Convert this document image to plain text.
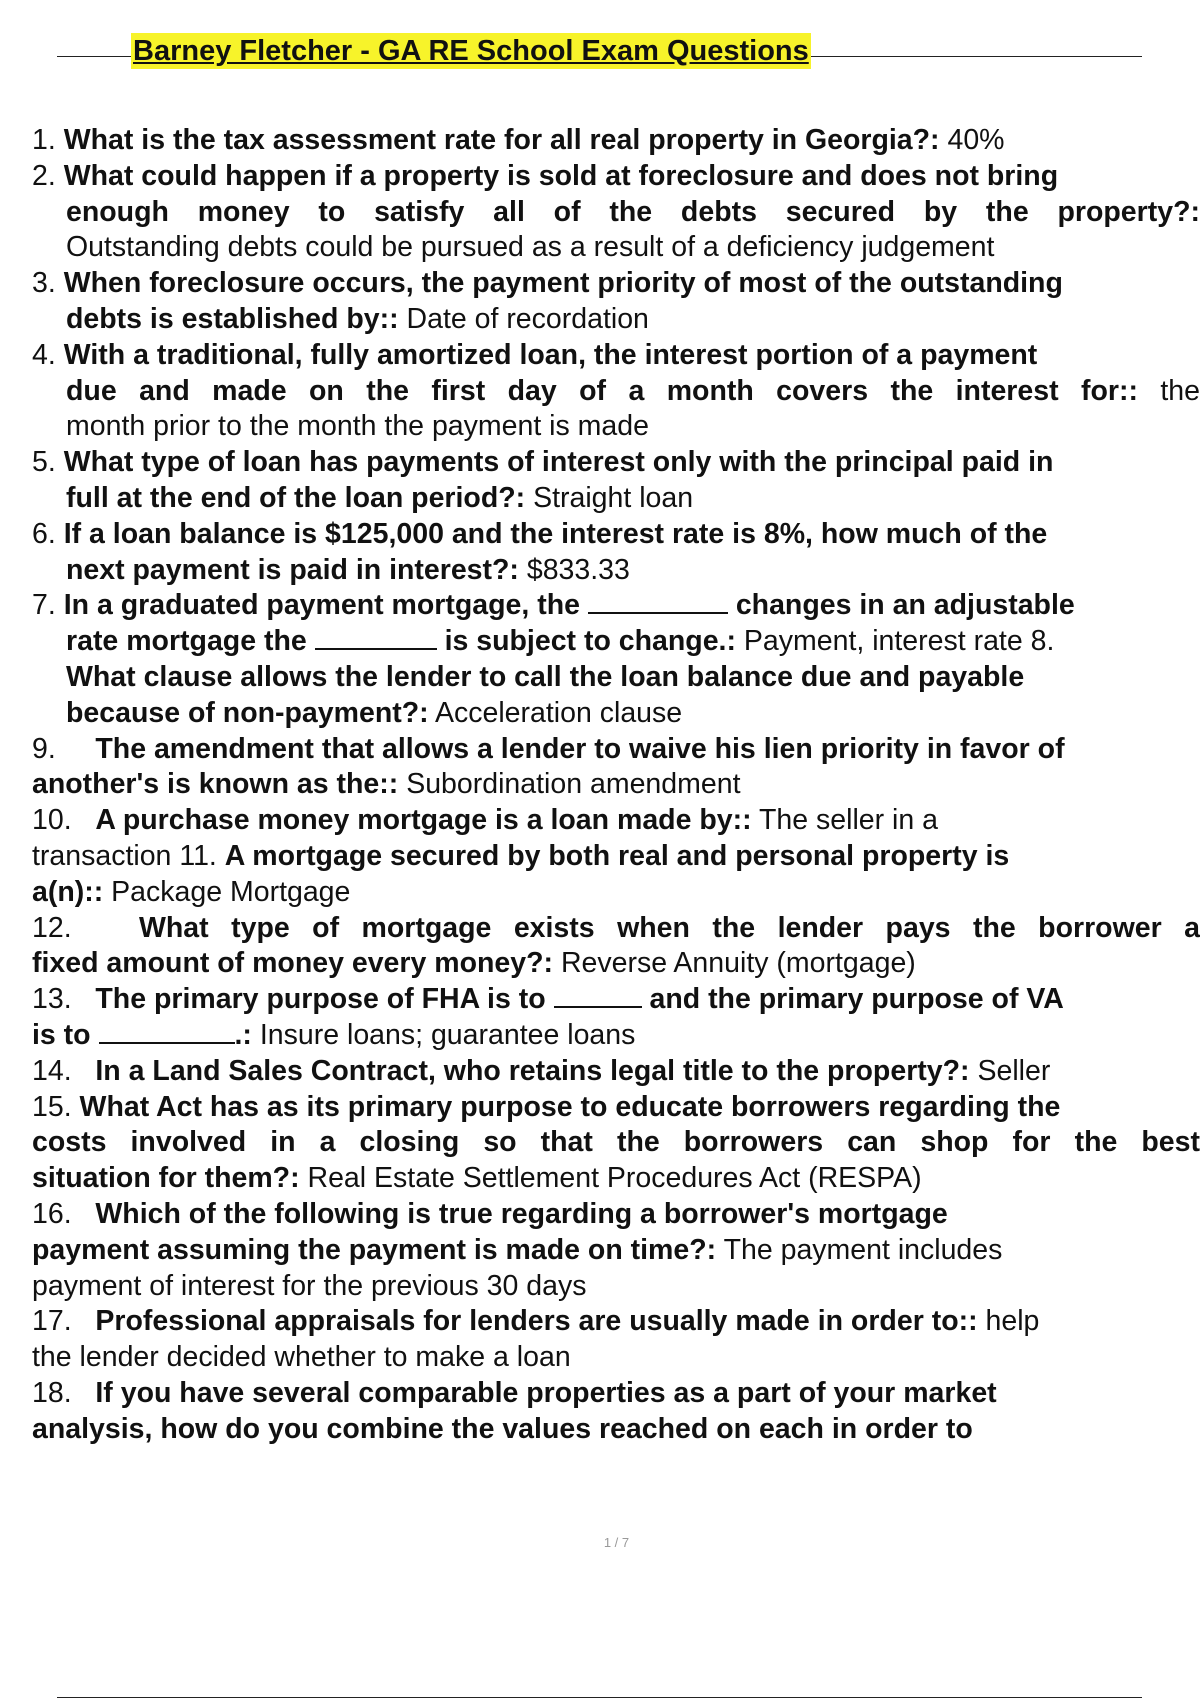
Barney Fletcher - GA RE School Exam Questions
1. What is the tax assessment rate for all real property in Georgia?: 40%
2. What could happen if a property is sold at foreclosure and does not bring
enough money to satisfy all of the debts secured by the property?:
Outstanding debts could be pursued as a result of a deficiency judgement
3. When foreclosure occurs, the payment priority of most of the outstanding
debts is established by:: Date of recordation
4. With a traditional, fully amortized loan, the interest portion of a payment
due and made on the first day of a month covers the interest for:: the
month prior to the month the payment is made
5. What type of loan has payments of interest only with the principal paid in
full at the end of the loan period?: Straight loan
6. If a loan balance is $125,000 and the interest rate is 8%, how much of the
next payment is paid in interest?: $833.33
7. In a graduated payment mortgage, the	changes in an adjustable
rate mortgage the	is subject to change.: Payment, interest rate 8.
What clause allows the lender to call the loan balance due and payable
because of non-payment?: Acceleration clause
9. The amendment that allows a lender to waive his lien priority in favor of
another's is known as the:: Subordination amendment
10. A purchase money mortgage is a loan made by:: The seller in a
transaction 11. A mortgage secured by both real and personal property is
a(n):: Package Mortgage
12. What type of mortgage exists when the lender pays the borrower a
fixed amount of money every money?: Reverse Annuity (mortgage)
13. The primary purpose of FHA is to	and the primary purpose of VA
is to	.: Insure loans; guarantee loans
14. In a Land Sales Contract, who retains legal title to the property?: Seller
15. What Act has as its primary purpose to educate borrowers regarding the
costs involved in a closing so that the borrowers can shop for the best
situation for them?: Real Estate Settlement Procedures Act (RESPA)
16. Which of the following is true regarding a borrower's mortgage
payment assuming the payment is made on time?: The payment includes
payment of interest for the previous 30 days
17. Professional appraisals for lenders are usually made in order to:: help
the lender decided whether to make a loan
18. If you have several comparable properties as a part of your market
analysis, how do you combine the values reached on each in order to
1 / 7
